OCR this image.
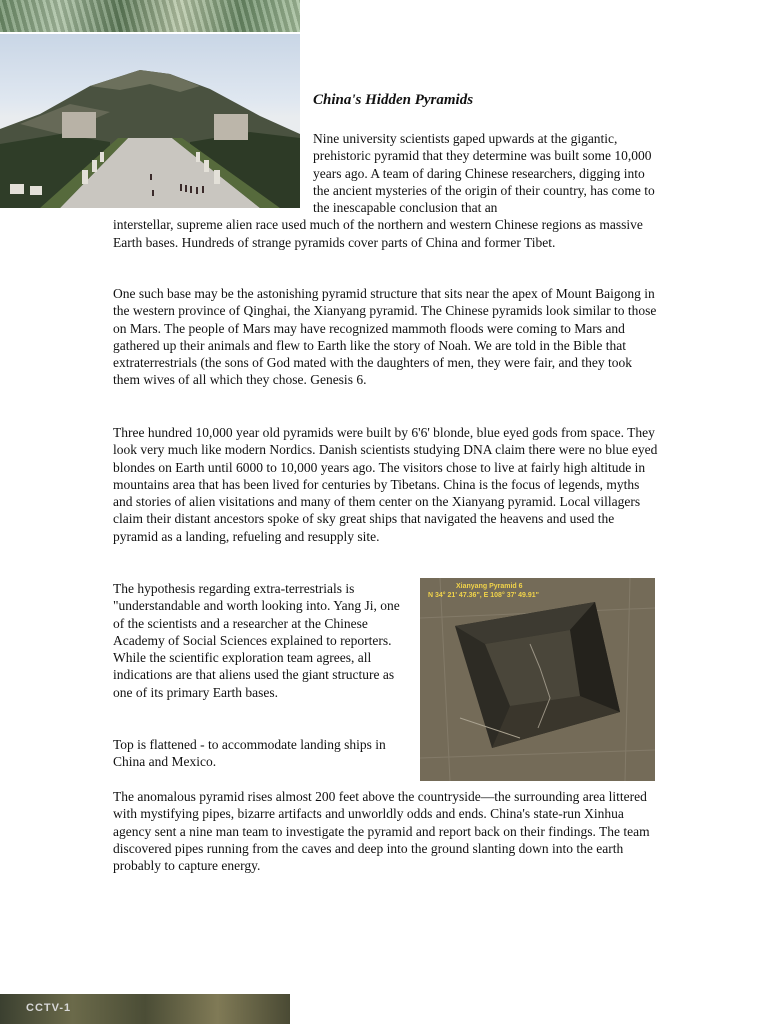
China's Hidden Pyramids

Nine university scientists gaped upwards at the gigantic, prehistoric pyramid that they determine was built some 10,000 years ago. A team of daring Chinese researchers, digging into the ancient mysteries of the origin of their country, has come to the inescapable conclusion that an
interstellar, supreme alien race used much of the northern and western Chinese regions as massive Earth bases. Hundreds of strange pyramids cover parts of China and former Tibet.

One such base may be the astonishing pyramid structure that sits near the apex of Mount Baigong in the western province of Qinghai, the Xianyang pyramid. The Chinese pyramids look similar to those on Mars. The people of Mars may have recognized mammoth floods were coming to Mars and gathered up their animals and flew to Earth like the story of Noah. We are told in the Bible that extraterrestrials (the sons of God mated with the daughters of men, they were fair, and they took them wives of all which they chose. Genesis 6.

Three hundred 10,000 year old pyramids were built by 6'6' blonde, blue eyed gods from space. They look very much like modern Nordics. Danish scientists studying DNA claim there were no blue eyed blondes on Earth until 6000 to 10,000 years ago. The visitors chose to live at fairly high altitude in mountains area that has been lived for centuries by Tibetans. China is the focus of legends, myths and stories of alien visitations and many of them center on the Xianyang pyramid. Local villagers claim their distant ancestors spoke of sky great ships that navigated the heavens and used the pyramid as a landing, refueling and resupply site.

The hypothesis regarding extra-terrestrials is "understandable and worth looking into. Yang Ji, one of the scientists and a researcher at the Chinese Academy of Social Sciences explained to reporters. While the scientific exploration team agrees, all indications are that aliens used the giant structure as one of its primary Earth bases.

Top is flattened - to accommodate landing ships in China and Mexico.

Xianyang Pyramid 6
N 34° 21' 47.36", E 108° 37' 49.91"

The anomalous pyramid rises almost 200 feet above the countryside—the surrounding area littered with mystifying pipes, bizarre artifacts and unworldly odds and ends. China's state-run Xinhua agency sent a nine man team to investigate the pyramid and report back on their findings. The team discovered pipes running from the caves and deep into the ground slanting down into the earth probably to capture energy.

CCTV-1
